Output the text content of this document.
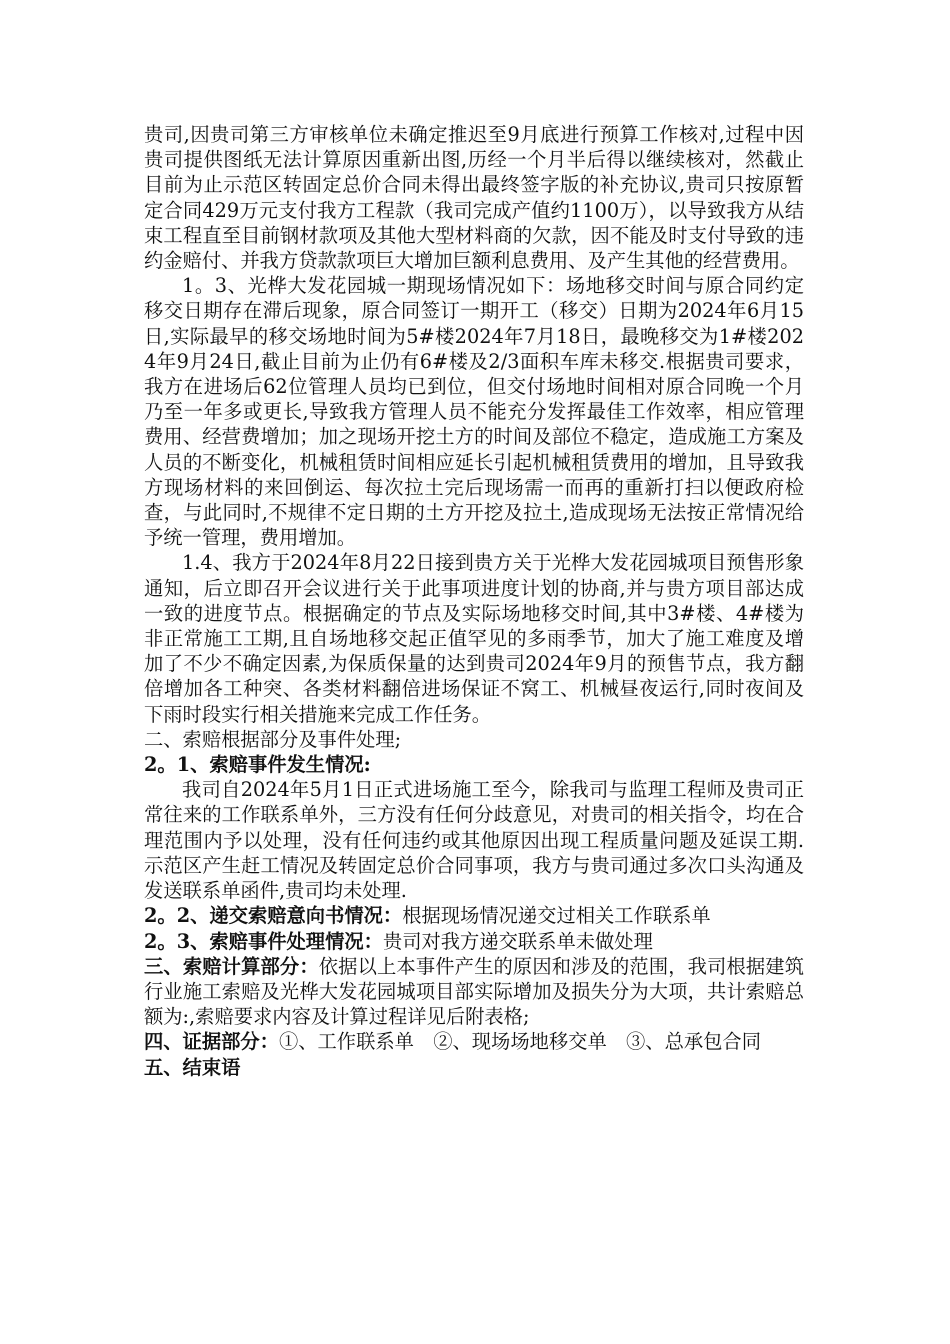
贵司,因贵司第三方审核单位未确定推迟至9月底进行预算工作核对,过程中因贵司提供图纸无法计算原因重新出图,历经一个月半后得以继续核对，然截止目前为止示范区转固定总价合同未得出最终签字版的补充协议,贵司只按原暂定合同429万元支付我方工程款（我司完成产值约1100万），以导致我方从结束工程直至目前钢材款项及其他大型材料商的欠款，因不能及时支付导致的违约金赔付、并我方贷款款项巨大增加巨额利息费用、及产生其他的经营费用。

1。3、光桦大发花园城一期现场情况如下：场地移交时间与原合同约定移交日期存在滞后现象，原合同签订一期开工（移交）日期为2024年6月15日,实际最早的移交场地时间为5#楼2024年7月18日，最晚移交为1#楼2024年9月24日,截止目前为止仍有6#楼及2/3面积车库未移交.根据贵司要求，我方在进场后62位管理人员均已到位，但交付场地时间相对原合同晚一个月乃至一年多或更长,导致我方管理人员不能充分发挥最佳工作效率，相应管理费用、经营费增加；加之现场开挖土方的时间及部位不稳定，造成施工方案及人员的不断变化，机械租赁时间相应延长引起机械租赁费用的增加，且导致我方现场材料的来回倒运、每次拉土完后现场需一而再的重新打扫以便政府检查，与此同时,不规律不定日期的土方开挖及拉土,造成现场无法按正常情况给予统一管理，费用增加。

1.4、我方于2024年8月22日接到贵方关于光桦大发花园城项目预售形象通知，后立即召开会议进行关于此事项进度计划的协商,并与贵方项目部达成一致的进度节点。根据确定的节点及实际场地移交时间,其中3#楼、4#楼为非正常施工工期,且自场地移交起正值罕见的多雨季节，加大了施工难度及增加了不少不确定因素,为保质保量的达到贵司2024年9月的预售节点，我方翻倍增加各工种突、各类材料翻倍进场保证不窝工、机械昼夜运行,同时夜间及下雨时段实行相关措施来完成工作任务。

二、索赔根据部分及事件处理;

2。1、索赔事件发生情况:

我司自2024年5月1日正式进场施工至今，除我司与监理工程师及贵司正常往来的工作联系单外，三方没有任何分歧意见，对贵司的相关指令，均在合理范围内予以处理，没有任何违约或其他原因出现工程质量问题及延误工期.示范区产生赶工情况及转固定总价合同事项，我方与贵司通过多次口头沟通及发送联系单函件,贵司均未处理.

2。2、递交索赔意向书情况：根据现场情况递交过相关工作联系单

2。3、索赔事件处理情况：贵司对我方递交联系单未做处理

三、索赔计算部分：依据以上本事件产生的原因和涉及的范围，我司根据建筑行业施工索赔及光桦大发花园城项目部实际增加及损失分为大项，共计索赔总额为:,索赔要求内容及计算过程详见后附表格;

四、证据部分：①、工作联系单　②、现场场地移交单　③、总承包合同

五、结束语
